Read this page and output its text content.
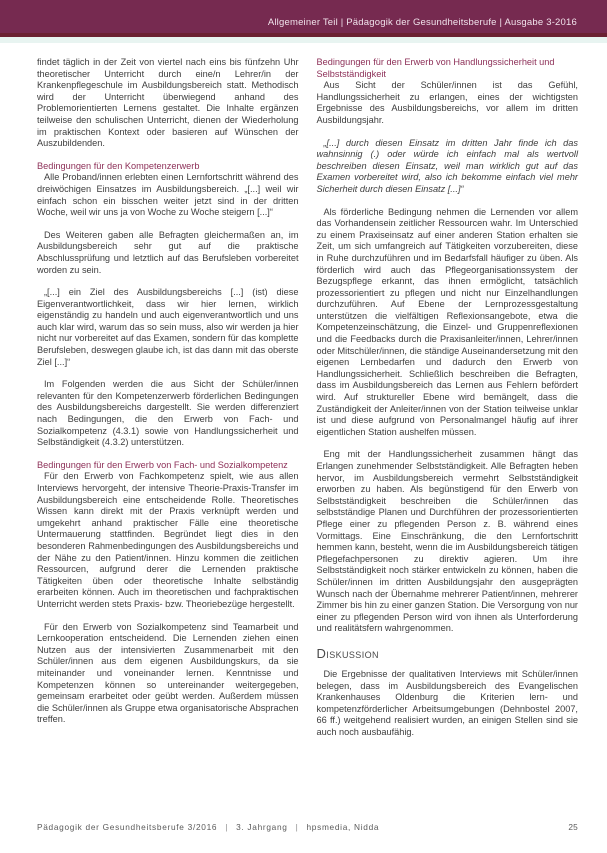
Allgemeiner Teil | Pädagogik der Gesundheitsberufe | Ausgabe 3-2016
findet täglich in der Zeit von viertel nach eins bis fünfzehn Uhr theoretischer Unterricht durch eine/n Lehrer/in der Krankenpflegeschule im Ausbildungsbereich statt. Methodisch wird der Unterricht überwiegend anhand des Problemorientierten Lernens gestaltet. Die Inhalte ergänzen teilweise den schulischen Unterricht, dienen der Wiederholung im praktischen Kontext oder basieren auf Wünschen der Auszubildenden.
Bedingungen für den Kompetenzerwerb
Alle Proband/innen erlebten einen Lernfortschritt während des dreiwöchigen Einsatzes im Ausbildungsbereich. „[...] weil wir einfach schon ein bisschen weiter jetzt sind in der dritten Woche, weil wir uns ja von Woche zu Woche steigern [...]“
Des Weiteren gaben alle Befragten gleichermaßen an, im Ausbildungsbereich sehr gut auf die praktische Abschlussprüfung und letztlich auf das Berufsleben vorbereitet worden zu sein.
„[...] ein Ziel des Ausbildungsbereichs [...] (ist) diese Eigenverantwortlichkeit, dass wir hier lernen, wirklich eigenständig zu handeln und auch eigenverantwortlich und uns auch klar wird, warum das so sein muss, also wir werden ja hier nicht nur vorbereitet auf das Examen, sondern für das komplette Berufsleben, deswegen glaube ich, ist das dann mit das oberste Ziel [...]“
Im Folgenden werden die aus Sicht der Schüler/innen relevanten für den Kompetenzerwerb förderlichen Bedingungen des Ausbildungsbereichs dargestellt. Sie werden differenziert nach Bedingungen, die den Erwerb von Fach- und Sozialkompetenz (4.3.1) sowie von Handlungssicherheit und Selbständigkeit (4.3.2) unterstützen.
Bedingungen für den Erwerb von Fach- und Sozialkompetenz
Für den Erwerb von Fachkompetenz spielt, wie aus allen Interviews hervorgeht, der intensive Theorie-Praxis-Transfer im Ausbildungsbereich eine entscheidende Rolle. Theoretisches Wissen kann direkt mit der Praxis verknüpft werden und umgekehrt anhand praktischer Fälle eine theoretische Untermauerung stattfinden. Begründet liegt dies in den besonderen Rahmenbedingungen des Ausbildungsbereichs und der Nähe zu den Patient/innen. Hinzu kommen die zeitlichen Ressourcen, aufgrund derer die Lernenden praktische Tätigkeiten üben oder theoretische Inhalte selbständig erarbeiten können. Auch im theoretischen und fachpraktischen Unterricht werden stets Praxis- bzw. Theoriebezüge hergestellt.
Für den Erwerb von Sozialkompetenz sind Teamarbeit und Lernkooperation entscheidend. Die Lernenden ziehen einen Nutzen aus der intensivierten Zusammenarbeit mit den Schüler/innen aus dem eigenen Ausbildungskurs, da sie miteinander und voneinander lernen. Kenntnisse und Kompetenzen können so untereinander weitergegeben, gemeinsam erarbeitet oder geübt werden. Außerdem müssen die Schüler/innen als Gruppe etwa organisatorische Absprachen treffen.
Bedingungen für den Erwerb von Handlungssicherheit und Selbstständigkeit
Aus Sicht der Schüler/innen ist das Gefühl, Handlungssicherheit zu erlangen, eines der wichtigsten Ergebnisse des Ausbildungsbereichs, vor allem im dritten Ausbildungsjahr.
„[...] durch diesen Einsatz im dritten Jahr finde ich das wahnsinnig (.) oder würde ich einfach mal als wertvoll beschreiben diesen Einsatz, weil man wirklich gut auf das Examen vorbereitet wird, also ich bekomme einfach viel mehr Sicherheit durch diesen Einsatz [...]“
Als förderliche Bedingung nehmen die Lernenden vor allem das Vorhandensein zeitlicher Ressourcen wahr. Im Unterschied zu einem Praxiseinsatz auf einer anderen Station erhalten sie Zeit, um sich umfangreich auf Tätigkeiten vorzubereiten, diese in Ruhe durchzuführen und im Bedarfsfall häufiger zu üben. Als förderlich wird auch das Pflegeorganisationssystem der Bezugspflege erkannt, das ihnen ermöglicht, tatsächlich prozessorientiert zu pflegen und nicht nur Einzelhandlungen durchzuführen. Auf Ebene der Lernprozessgestaltung unterstützen die vielfältigen Reflexionsangebote, etwa die Kompetenzeinschätzung, die Einzel- und Gruppenreflexionen und die Feedbacks durch die Praxisanleiter/innen, Lehrer/innen oder Mitschüler/innen, die ständige Auseinandersetzung mit den eigenen Lernbedarfen und dadurch den Erwerb von Handlungssicherheit. Schließlich beschreiben die Befragten, dass im Ausbildungsbereich das Lernen aus Fehlern befördert wird. Auf struktureller Ebene wird bemängelt, dass die Zuständigkeit der Anleiter/innen von der Station teilweise unklar ist und diese aufgrund von Personalmangel häufig auf ihrer eigentlichen Station aushelfen müssen.
Eng mit der Handlungssicherheit zusammen hängt das Erlangen zunehmender Selbstständigkeit. Alle Befragten heben hervor, im Ausbildungsbereich vermehrt Selbstständigkeit erworben zu haben. Als begünstigend für den Erwerb von Selbstständigkeit beschreiben die Schüler/innen das selbstständige Planen und Durchführen der prozessorientierten Pflege einer zu pflegenden Person z. B. während eines Vormittags. Eine Einschränkung, die den Lernfortschritt hemmen kann, besteht, wenn die im Ausbildungsbereich tätigen Pflegefachpersonen zu direktiv agieren. Um ihre Selbstständigkeit noch stärker entwickeln zu können, haben die Schüler/innen im dritten Ausbildungsjahr den ausgeprägten Wunsch nach der Übernahme mehrerer Patient/innen, mehrerer Zimmer bis hin zu einer ganzen Station. Die Versorgung von nur einer zu pflegenden Person wird von ihnen als Unterforderung und realitätsfern wahrgenommen.
Diskussion
Die Ergebnisse der qualitativen Interviews mit Schüler/innen belegen, dass im Ausbildungsbereich des Evangelischen Krankenhauses Oldenburg die Kriterien lern- und kompetenzförderlicher Arbeitsumgebungen (Dehnbostel 2007, 66 ff.) weitgehend realisiert wurden, an einigen Stellen sind sie auch noch ausbaufähig.
Pädagogik der Gesundheitsberufe 3/2016 | 3. Jahrgang | hpsmedia, Nidda	25
